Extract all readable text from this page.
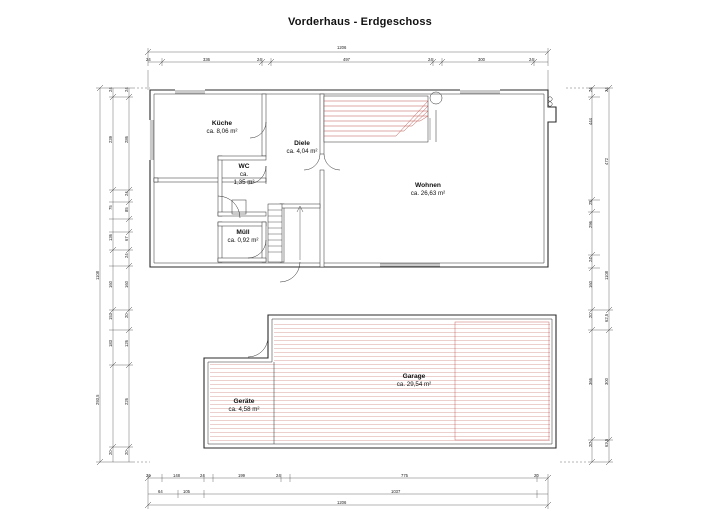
Vorderhaus - Erdgeschoss
Küche
ca. 8,06 m²
Diele
ca. 4,04 m²
WC
ca.
1,35 m²
Müll
ca. 0,92 m²
Wohnen
ca. 26,63 m²
Garage
ca. 29,54 m²
Geräte
ca. 4,58 m²
1206
24	336	24	497	24	300	24
24	148	24	199	24	775	20
64	105	1037
1206
1108
24
239
75
136
160
153
183
293,5
20
24
286
24
85
67
24
160
20
126
226
20
24
444
24
296
24
160
20
366
20
24
472
1108
62,5
300
62,5
